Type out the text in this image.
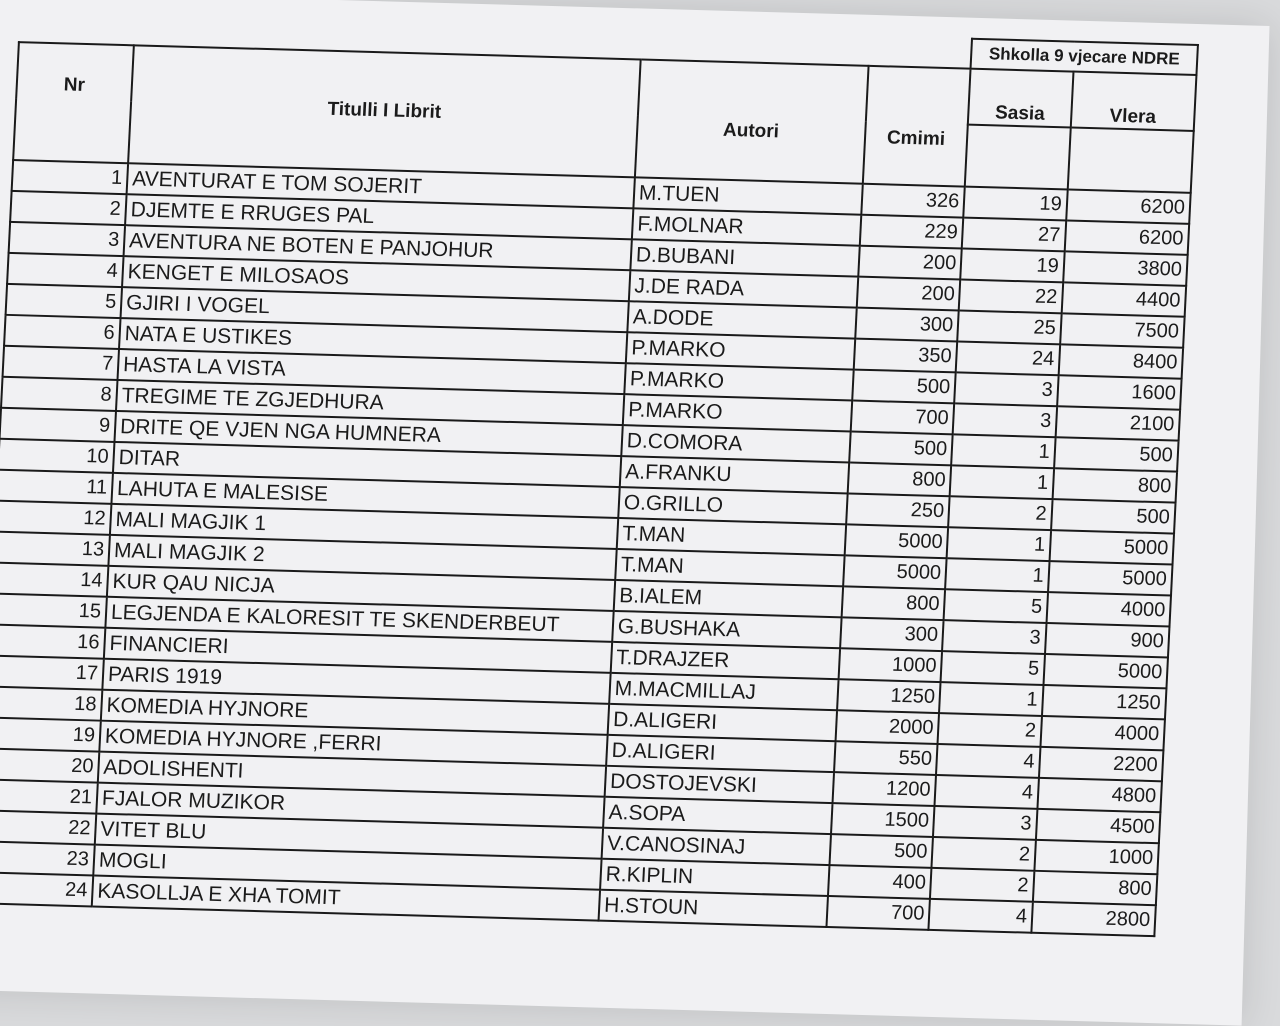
				Shkolla 9 vjecare NDRE	
Nr	Titulli I Librit	Autori	Cmimi	Sasia	Vlera

1	AVENTURAT E TOM SOJERIT	M.TUEN	326	19	6200
2	DJEMTE E RRUGES PAL	F.MOLNAR	229	27	6200
3	AVENTURA NE BOTEN E PANJOHUR	D.BUBANI	200	19	3800
4	KENGET E MILOSAOS	J.DE RADA	200	22	4400
5	GJIRI I VOGEL	A.DODE	300	25	7500
6	NATA E USTIKES	P.MARKO	350	24	8400
7	HASTA LA VISTA	P.MARKO	500	3	1600
8	TREGIME TE ZGJEDHURA	P.MARKO	700	3	2100
9	DRITE QE VJEN NGA HUMNERA	D.COMORA	500	1	500
10	DITAR	A.FRANKU	800	1	800
11	LAHUTA E MALESISE	O.GRILLO	250	2	500
12	MALI MAGJIK 1	T.MAN	5000	1	5000
13	MALI MAGJIK 2	T.MAN	5000	1	5000
14	KUR QAU NICJA	B.IALEM	800	5	4000
15	LEGJENDA E KALORESIT TE SKENDERBEUT	G.BUSHAKA	300	3	900
16	FINANCIERI	T.DRAJZER	1000	5	5000
17	PARIS 1919	M.MACMILLAJ	1250	1	1250
18	KOMEDIA HYJNORE	D.ALIGERI	2000	2	4000
19	KOMEDIA HYJNORE ,FERRI	D.ALIGERI	550	4	2200
20	ADOLISHENTI	DOSTOJEVSKI	1200	4	4800
21	FJALOR MUZIKOR	A.SOPA	1500	3	4500
22	VITET BLU	V.CANOSINAJ	500	2	1000
23	MOGLI	R.KIPLIN	400	2	800
24	KASOLLJA E XHA TOMIT	H.STOUN	700	4	2800
